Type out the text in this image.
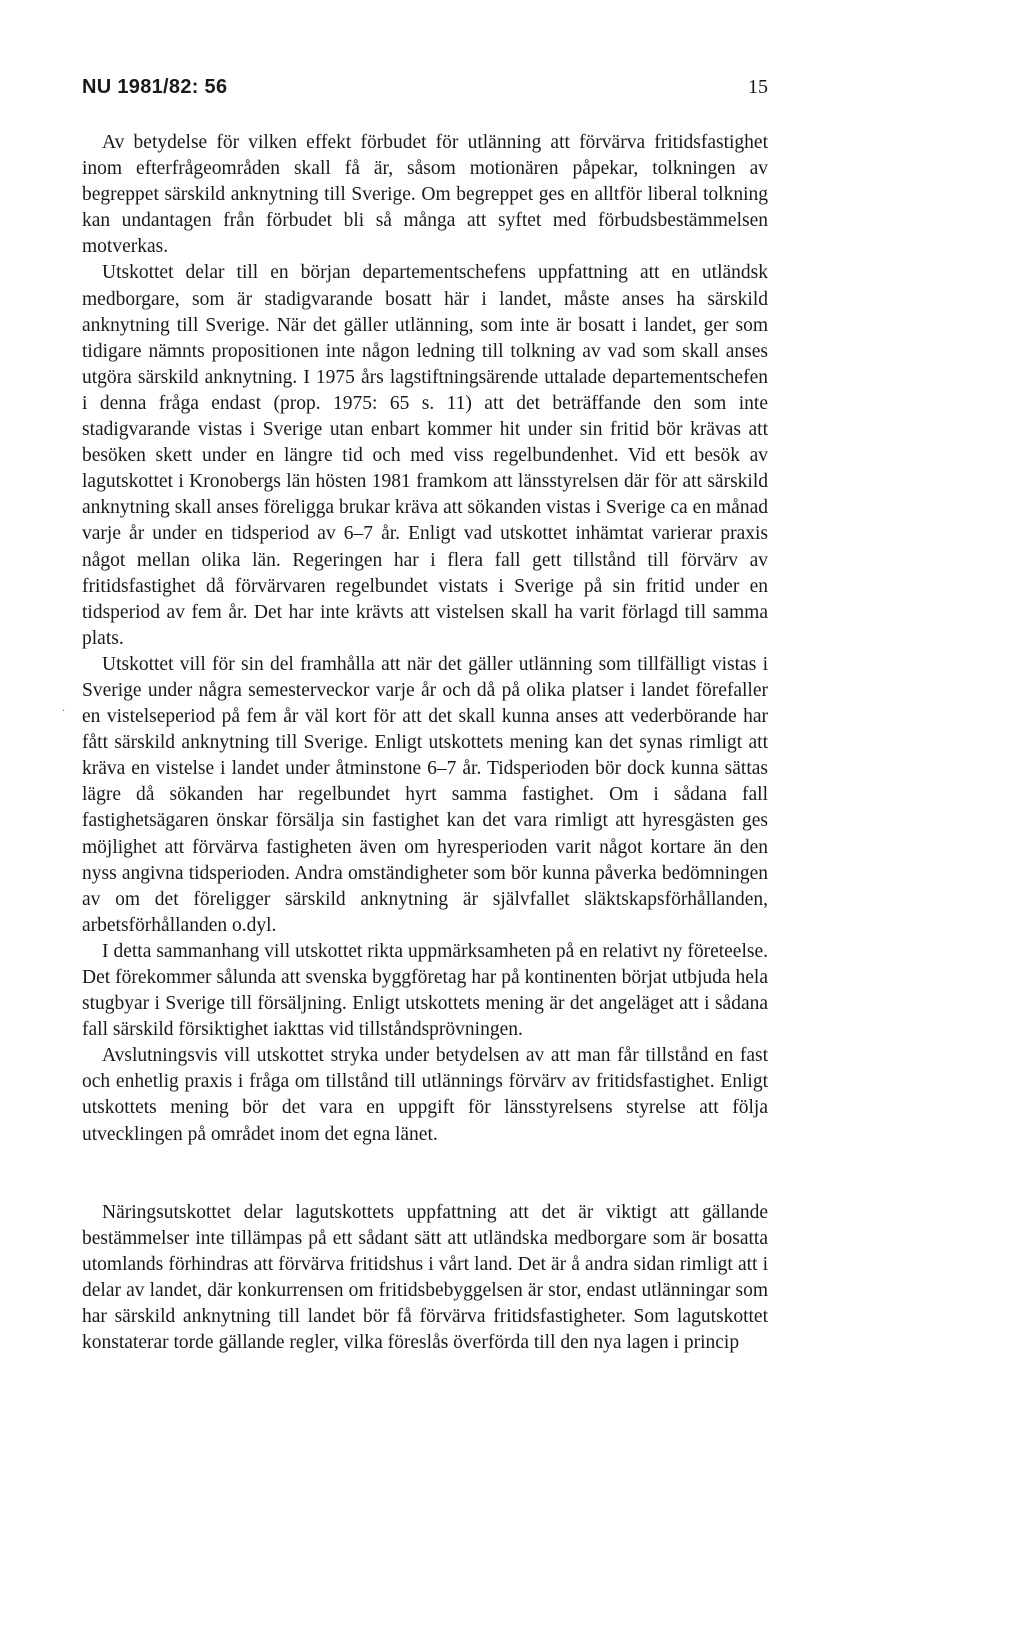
NU 1981/82: 56	15

Av betydelse för vilken effekt förbudet för utlänning att förvärva fritidsfastighet inom efterfrågeområden skall få är, såsom motionären påpekar, tolkningen av begreppet särskild anknytning till Sverige. Om begreppet ges en alltför liberal tolkning kan undantagen från förbudet bli så många att syftet med förbudsbestämmelsen motverkas.

Utskottet delar till en början departementschefens uppfattning att en utländsk medborgare, som är stadigvarande bosatt här i landet, måste anses ha särskild anknytning till Sverige. När det gäller utlänning, som inte är bosatt i landet, ger som tidigare nämnts propositionen inte någon ledning till tolkning av vad som skall anses utgöra särskild anknytning. I 1975 års lagstiftningsärende uttalade departementschefen i denna fråga endast (prop. 1975: 65 s. 11) att det beträffande den som inte stadigvarande vistas i Sverige utan enbart kommer hit under sin fritid bör krävas att besöken skett under en längre tid och med viss regelbundenhet. Vid ett besök av lagutskottet i Kronobergs län hösten 1981 framkom att länsstyrelsen där för att särskild anknytning skall anses föreligga brukar kräva att sökanden vistas i Sverige ca en månad varje år under en tidsperiod av 6–7 år. Enligt vad utskottet inhämtat varierar praxis något mellan olika län. Regeringen har i flera fall gett tillstånd till förvärv av fritidsfastighet då förvärvaren regelbundet vistats i Sverige på sin fritid under en tidsperiod av fem år. Det har inte krävts att vistelsen skall ha varit förlagd till samma plats.

Utskottet vill för sin del framhålla att när det gäller utlänning som tillfälligt vistas i Sverige under några semesterveckor varje år och då på olika platser i landet förefaller en vistelseperiod på fem år väl kort för att det skall kunna anses att vederbörande har fått särskild anknytning till Sverige. Enligt utskottets mening kan det synas rimligt att kräva en vistelse i landet under åtminstone 6–7 år. Tidsperioden bör dock kunna sättas lägre då sökanden har regelbundet hyrt samma fastighet. Om i sådana fall fastighetsägaren önskar försälja sin fastighet kan det vara rimligt att hyresgästen ges möjlighet att förvärva fastigheten även om hyresperioden varit något kortare än den nyss angivna tidsperioden. Andra omständigheter som bör kunna påverka bedömningen av om det föreligger särskild anknytning är självfallet släktskapsförhållanden, arbetsförhållanden o.dyl.

I detta sammanhang vill utskottet rikta uppmärksamheten på en relativt ny företeelse. Det förekommer sålunda att svenska byggföretag har på kontinenten börjat utbjuda hela stugbyar i Sverige till försäljning. Enligt utskottets mening är det angeläget att i sådana fall särskild försiktighet iakttas vid tillståndsprövningen.

Avslutningsvis vill utskottet stryka under betydelsen av att man får tillstånd en fast och enhetlig praxis i fråga om tillstånd till utlännings förvärv av fritidsfastighet. Enligt utskottets mening bör det vara en uppgift för länsstyrelsens styrelse att följa utvecklingen på området inom det egna länet.

Näringsutskottet delar lagutskottets uppfattning att det är viktigt att gällande bestämmelser inte tillämpas på ett sådant sätt att utländska medborgare som är bosatta utomlands förhindras att förvärva fritidshus i vårt land. Det är å andra sidan rimligt att i delar av landet, där konkurrensen om fritidsbebyggelsen är stor, endast utlänningar som har särskild anknytning till landet bör få förvärva fritidsfastigheter. Som lagutskottet konstaterar torde gällande regler, vilka föreslås överförda till den nya lagen i princip

.
